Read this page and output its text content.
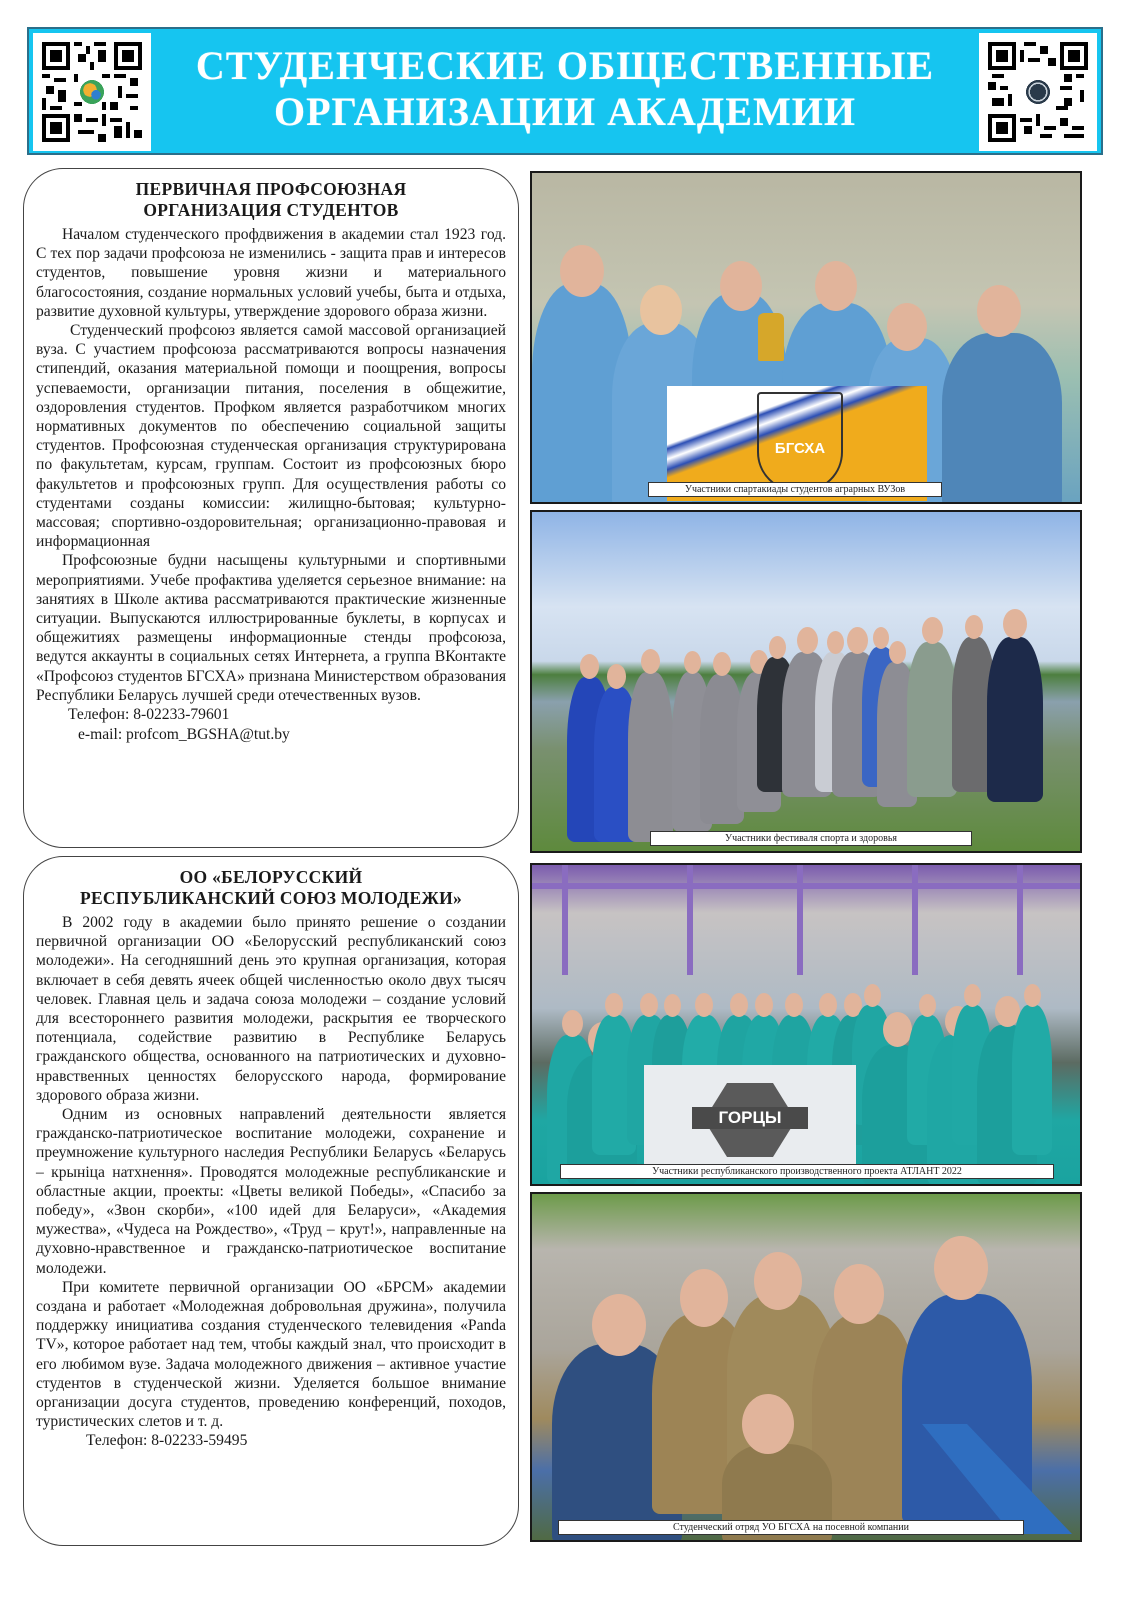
СТУДЕНЧЕСКИЕ ОБЩЕСТВЕННЫЕ
ОРГАНИЗАЦИИ АКАДЕМИИ
ПЕРВИЧНАЯ ПРОФСОЮЗНАЯ
ОРГАНИЗАЦИЯ СТУДЕНТОВ

Началом студенческого профдвижения в академии стал 1923 год. С тех пор задачи профсоюза не изменились - защита прав и интересов студентов, повышение уровня жизни и материального благосостояния, создание нормальных условий учебы, быта и отдыха, развитие духовной культуры, утверждение здорового образа жизни.

Студенческий профсоюз является самой массовой организацией вуза. С участием профсоюза рассматриваются вопросы назначения стипендий, оказания материальной помощи и поощрения, вопросы успеваемости, организации питания, поселения в общежитие, оздоровления студентов. Профком является разработчиком многих нормативных документов по обеспечению социальной защиты студентов. Профсоюзная студенческая организация структурирована по факультетам, курсам, группам. Состоит из профсоюзных бюро факультетов и профсоюзных групп. Для осуществления работы со студентами созданы комиссии: жилищно-бытовая; культурно-массовая; спортивно-оздоровительная; организационно-правовая и информационная

Профсоюзные будни насыщены культурными и спортивными мероприятиями. Учебе профактива уделяется серьезное внимание: на занятиях в Школе актива рассматриваются практические жизненные ситуации. Выпускаются иллюстрированные буклеты, в корпусах и общежитиях размещены информационные стенды профсоюза, ведутся аккаунты в социальных сетях Интернета, а группа ВКонтакте «Профсоюз студентов БГСХА» признана Министерством образования Республики Беларусь лучшей среди отечественных вузов.

Телефон: 8-02233-79601
e-mail: profcom_BGSHA@tut.by
ОО «БЕЛОРУССКИЙ
РЕСПУБЛИКАНСКИЙ СОЮЗ МОЛОДЕЖИ»

В 2002 году в академии было принято решение о создании первичной организации ОО «Белорусский республиканский союз молодежи». На сегодняшний день это крупная организация, которая включает в себя девять ячеек общей численностью около двух тысяч человек. Главная цель и задача союза молодежи – создание условий для всестороннего развития молодежи, раскрытия ее творческого потенциала, содействие развитию в Республике Беларусь гражданского общества, основанного на патриотических и духовно-нравственных ценностях белорусского народа, формирование здорового образа жизни.

Одним из основных направлений деятельности является гражданско-патриотическое воспитание молодежи, сохранение и преумножение культурного наследия Республики Беларусь «Беларусь – крыніца натхнення». Проводятся молодежные республиканские и областные акции, проекты: «Цветы великой Победы», «Спасибо за победу», «Звон скорби», «100 идей для Беларуси», «Академия мужества», «Чудеса на Рождество», «Труд – крут!», направленные на духовно-нравственное и гражданско-патриотическое воспитание молодежи.

При комитете первичной организации ОО «БРСМ» академии создана и работает «Молодежная добровольная дружина», получила поддержку инициатива создания студенческого телевидения «Panda TV», которое работает над тем, чтобы каждый знал, что происходит в его любимом вузе. Задача молодежного движения – активное участие студентов в студенческой жизни. Уделяется большое внимание организации досуга студентов, проведению конференций, походов, туристических слетов и т. д.

Телефон: 8-02233-59495
БГСХА
Участники спартакиады студентов аграрных ВУЗов
Участники фестиваля спорта и здоровья
ГОРЦЫ
Участники республиканского производственного проекта АТЛАНТ 2022
Студенческий отряд УО БГСХА на посевной компании
